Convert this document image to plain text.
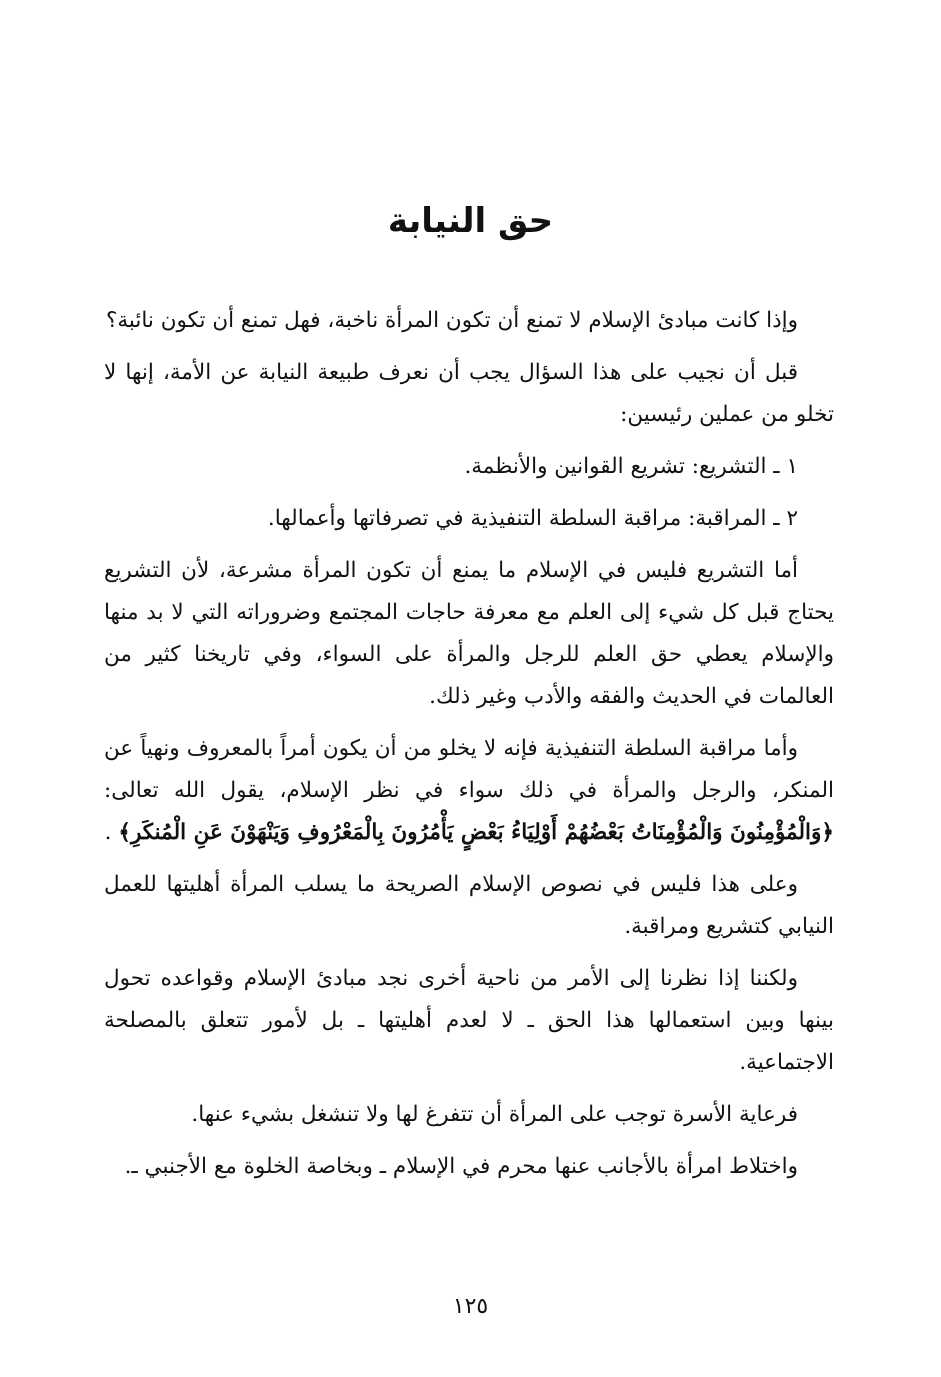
حق النيابة

وإذا كانت مبادئ الإسلام لا تمنع أن تكون المرأة ناخبة، فهل تمنع أن تكون نائبة؟

قبل أن نجيب على هذا السؤال يجب أن نعرف طبيعة النيابة عن الأمة، إنها لا تخلو من عملين رئيسين:

١ ـ التشريع: تشريع القوانين والأنظمة.

٢ ـ المراقبة: مراقبة السلطة التنفيذية في تصرفاتها وأعمالها.

أما التشريع فليس في الإسلام ما يمنع أن تكون المرأة مشرعة، لأن التشريع يحتاج قبل كل شيء إلى العلم مع معرفة حاجات المجتمع وضروراته التي لا بد منها والإسلام يعطي حق العلم للرجل والمرأة على السواء، وفي تاريخنا كثير من العالمات في الحديث والفقه والأدب وغير ذلك.

وأما مراقبة السلطة التنفيذية فإنه لا يخلو من أن يكون أمراً بالمعروف ونهياً عن المنكر، والرجل والمرأة في ذلك سواء في نظر الإسلام، يقول الله تعالى: ﴿وَالْمُؤْمِنُونَ وَالْمُؤْمِنَاتُ بَعْضُهُمْ أَوْلِيَاءُ بَعْضٍ يَأْمُرُونَ بِالْمَعْرُوفِ وَيَنْهَوْنَ عَنِ الْمُنكَرِ﴾ .

وعلى هذا فليس في نصوص الإسلام الصريحة ما يسلب المرأة أهليتها للعمل النيابي كتشريع ومراقبة.

ولكننا إذا نظرنا إلى الأمر من ناحية أخرى نجد مبادئ الإسلام وقواعده تحول بينها وبين استعمالها هذا الحق ـ لا لعدم أهليتها ـ بل لأمور تتعلق بالمصلحة الاجتماعية.

فرعاية الأسرة توجب على المرأة أن تتفرغ لها ولا تنشغل بشيء عنها.

واختلاط امرأة بالأجانب عنها محرم في الإسلام ـ وبخاصة الخلوة مع الأجنبي ـ.

١٢٥
